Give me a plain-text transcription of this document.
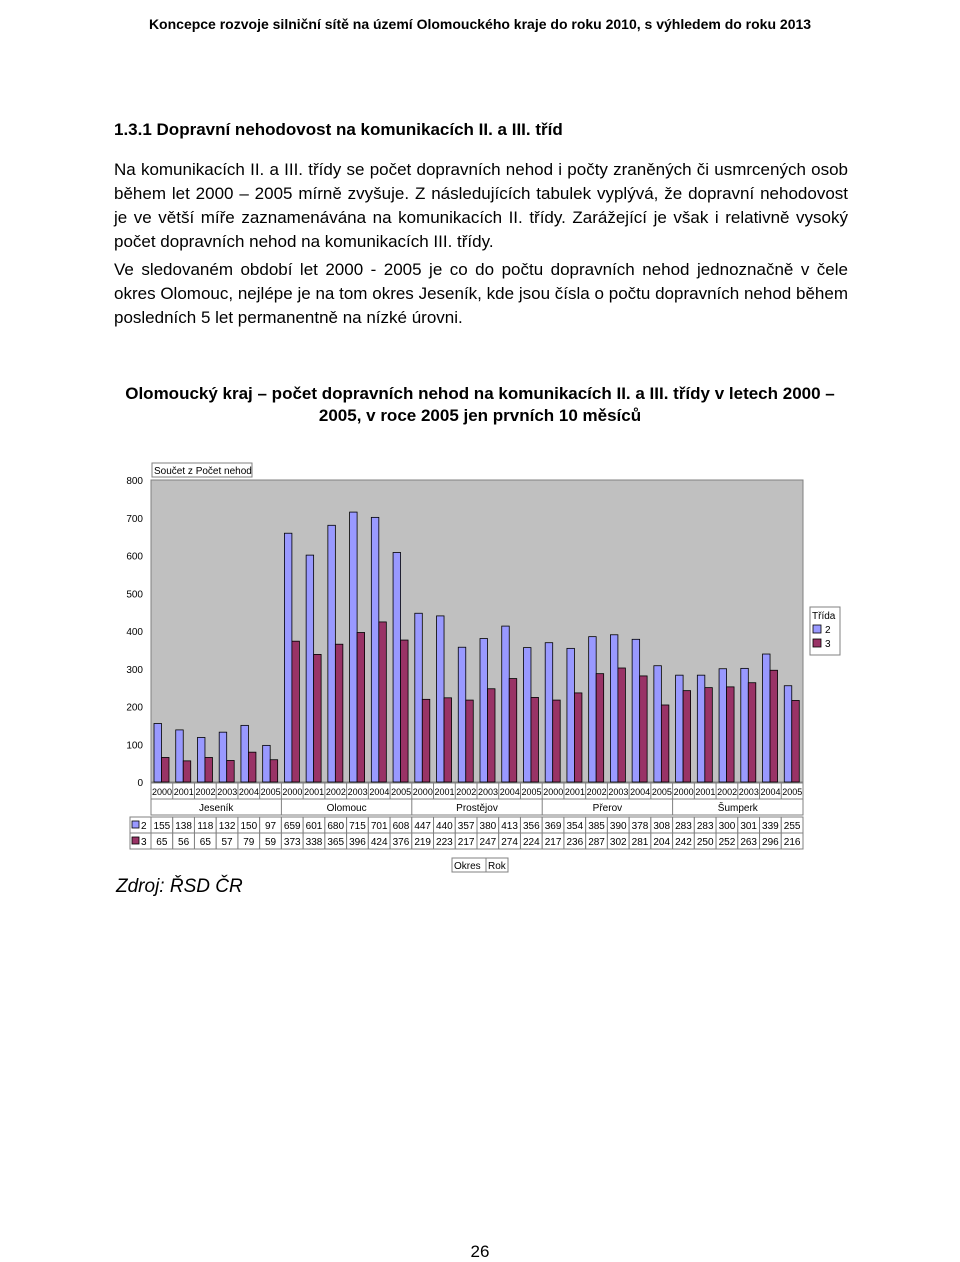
Koncepce rozvoje silniční sítě na území Olomouckého kraje do roku 2010, s výhledem do roku 2013
1.3.1 Dopravní nehodovost na komunikacích II. a III. tříd
Na komunikacích II. a III. třídy se počet dopravních nehod i počty zraněných či usmrcených osob během let 2000 – 2005 mírně zvyšuje. Z následujících tabulek vyplývá, že dopravní nehodovost je ve větší míře zaznamenávána na komunikacích II. třídy. Zarážející je však i relativně vysoký počet dopravních nehod na komunikacích III. třídy.
Ve sledovaném období let 2000 - 2005 je co do počtu dopravních nehod jednoznačně v čele okres Olomouc, nejlépe je na tom okres Jeseník, kde jsou čísla o počtu dopravních nehod během posledních 5 let permanentně na nízké úrovni.
Olomoucký kraj – počet dopravních nehod na komunikacích II. a III. třídy v letech 2000 – 2005, v roce 2005 jen prvních 10 měsíců
0
100
200
300
400
500
600
700
800
Součet z Počet nehod
Třída
2
3
2000 2001 2002 2003 2004 2005 2000 2001 2002 2003 2004 2005 2000 2001 2002 2003 2004 2005 2000 2001 2002 2003 2004 2005 2000 2001 2002 2003 2004 2005
Jeseník	Olomouc	Prostějov	Přerov	Šumperk
2 155 138 118 132 150 97 659 601 680 715 701 608 447 440 357 380 413 356 369 354 385 390 378 308 283 283 300 301 339 255
3 65 56 65 57 79 59 373 338 365 396 424 376 219 223 217 247 274 224 217 236 287 302 281 204 242 250 252 263 296 216
Okres Rok
Zdroj: ŘSD ČR
26
